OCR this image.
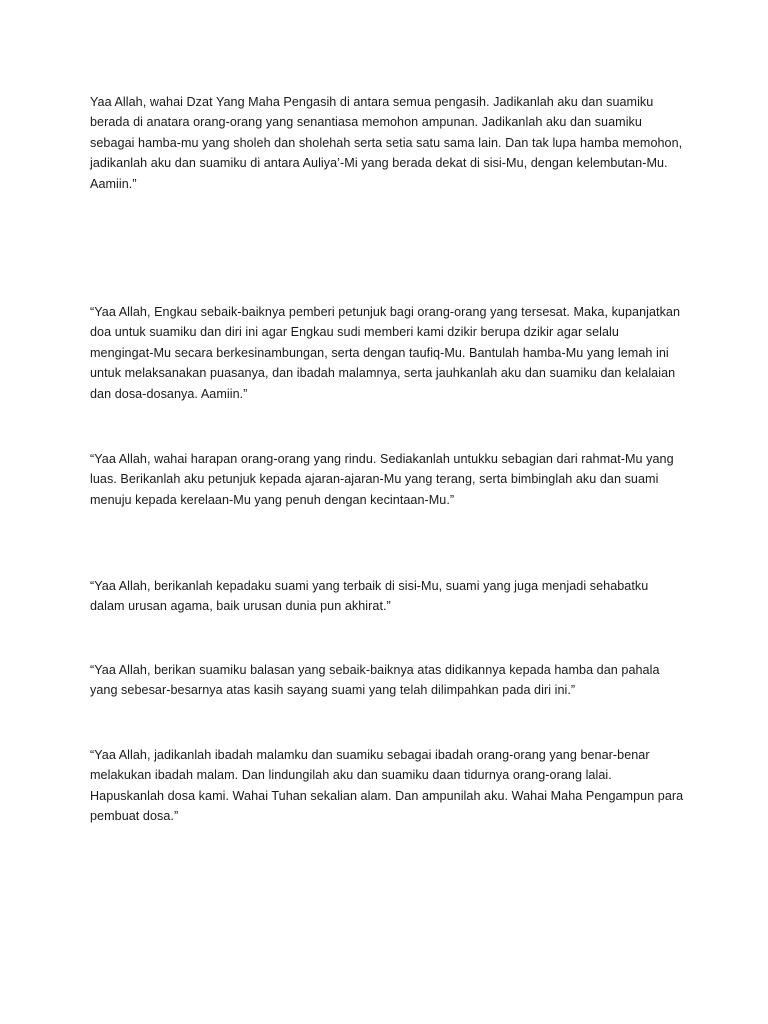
Yaa Allah, wahai Dzat Yang Maha Pengasih di antara semua pengasih. Jadikanlah aku dan suamiku
berada di anatara orang-orang yang senantiasa memohon ampunan. Jadikanlah aku dan suamiku
sebagai hamba-mu yang sholeh dan sholehah serta setia satu sama lain. Dan tak lupa hamba memohon,
jadikanlah aku dan suamiku di antara Auliya’-Mi yang berada dekat di sisi-Mu, dengan kelembutan-Mu.
Aamiin.”

“Yaa Allah, Engkau sebaik-baiknya pemberi petunjuk bagi orang-orang yang tersesat. Maka, kupanjatkan
doa untuk suamiku dan diri ini agar Engkau sudi memberi kami dzikir berupa dzikir agar selalu
mengingat-Mu secara berkesinambungan, serta dengan taufiq-Mu. Bantulah hamba-Mu yang lemah ini
untuk melaksanakan puasanya, dan ibadah malamnya, serta jauhkanlah aku dan suamiku dan kelalaian
dan dosa-dosanya. Aamiin.”

“Yaa Allah, wahai harapan orang-orang yang rindu. Sediakanlah untukku sebagian dari rahmat-Mu yang
luas. Berikanlah aku petunjuk kepada ajaran-ajaran-Mu yang terang, serta bimbinglah aku dan suami
menuju kepada kerelaan-Mu yang penuh dengan kecintaan-Mu.”

“Yaa Allah, berikanlah kepadaku suami yang terbaik di sisi-Mu, suami yang juga menjadi sehabatku
dalam urusan agama, baik urusan dunia pun akhirat.”

“Yaa Allah, berikan suamiku balasan yang sebaik-baiknya atas didikannya kepada hamba dan pahala
yang sebesar-besarnya atas kasih sayang suami yang telah dilimpahkan pada diri ini.”

“Yaa Allah, jadikanlah ibadah malamku dan suamiku sebagai ibadah orang-orang yang benar-benar
melakukan ibadah malam. Dan lindungilah aku dan suamiku daan tidurnya orang-orang lalai.
Hapuskanlah dosa kami. Wahai Tuhan sekalian alam. Dan ampunilah aku. Wahai Maha Pengampun para
pembuat dosa.”
